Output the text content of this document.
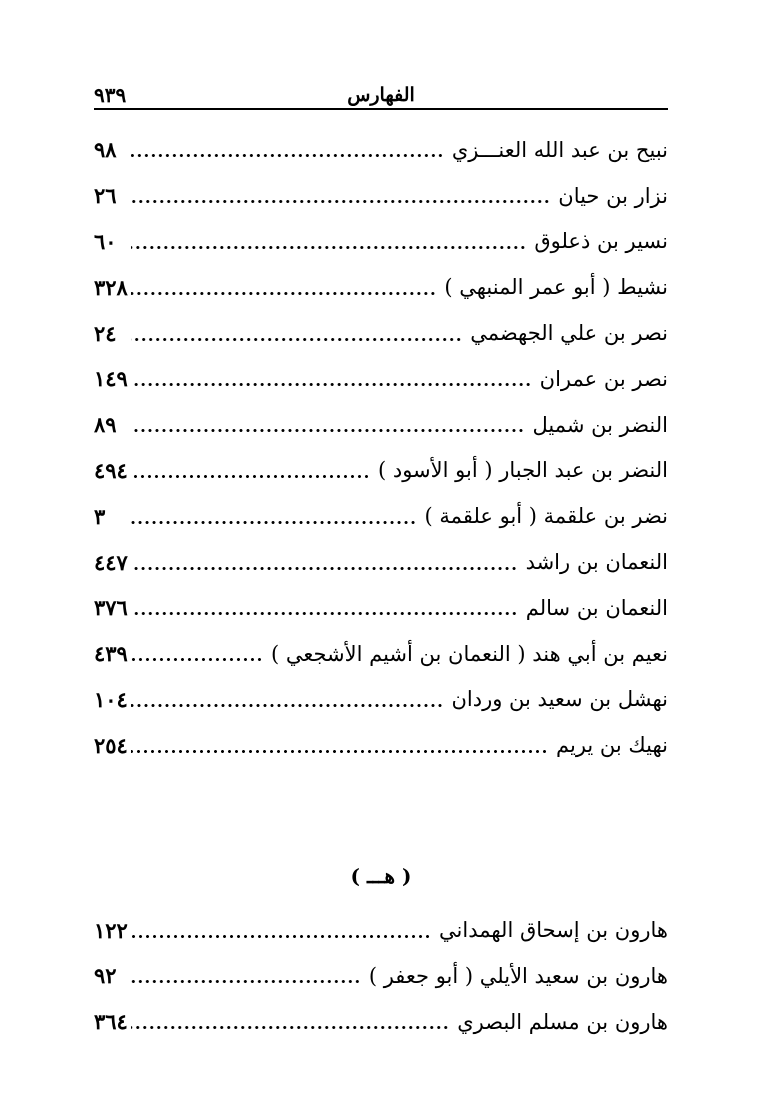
الفهارس
٩٣٩
نبيح بن عبد الله العنـــزي
٩٨
نزار بن حيان
٢٦
نسير بن ذعلوق
٦٠
نشيط ( أبو عمر المنبهي )
٣٢٨
نصر بن علي الجهضمي
٢٤
نصر بن عمران
١٤٩
النضر بن شميل
٨٩
النضر بن عبد الجبار ( أبو الأسود )
٤٩٤
نضر بن علقمة ( أبو علقمة )
٣
النعمان بن راشد
٤٤٧
النعمان بن سالم
٣٧٦
نعيم بن أبي هند ( النعمان بن أشيم الأشجعي )
٤٣٩
نهشل بن سعيد بن وردان
١٠٤
نهيك بن يريم
٢٥٤
( هـــ )
هارون بن إسحاق الهمداني
١٢٢
هارون بن سعيد الأيلي ( أبو جعفر )
٩٢
هارون بن مسلم البصري
٣٦٤
